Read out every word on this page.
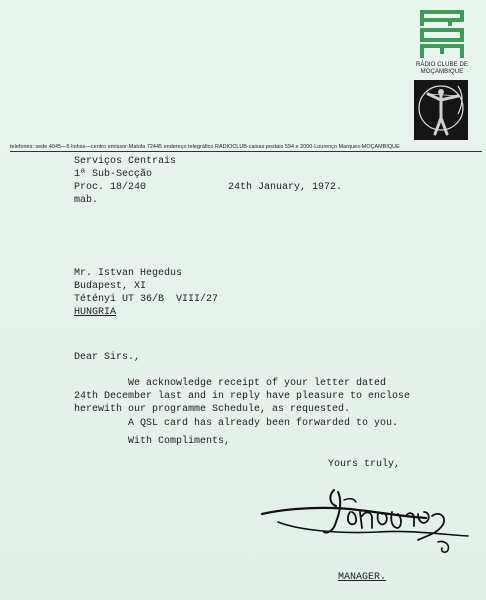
RÁDIO CLUBE DE
MOÇAMBIQUE
telefones: sede 4045—5 linhas—centro emissor-Matola 72445 endereço telegráfico RADIOCLUB-caixas postais 594 e 2000-Lourenço Marques-MOÇAMBIQUE
Serviços Centrais
1ª Sub-Secção
Proc. 18/240	24th January, 1972.
mab.
Mr. Istvan Hegedus
Budapest, XI
Tétényi UT 36/B  VIII/27
HUNGRIA
Dear Sirs.,
We acknowledge receipt of your letter dated
24th December last and in reply have pleasure to enclose
herewith our programme Schedule, as requested.
A QSL card has already been forwarded to you.
With Compliments,
Yours truly,
MANAGER.
